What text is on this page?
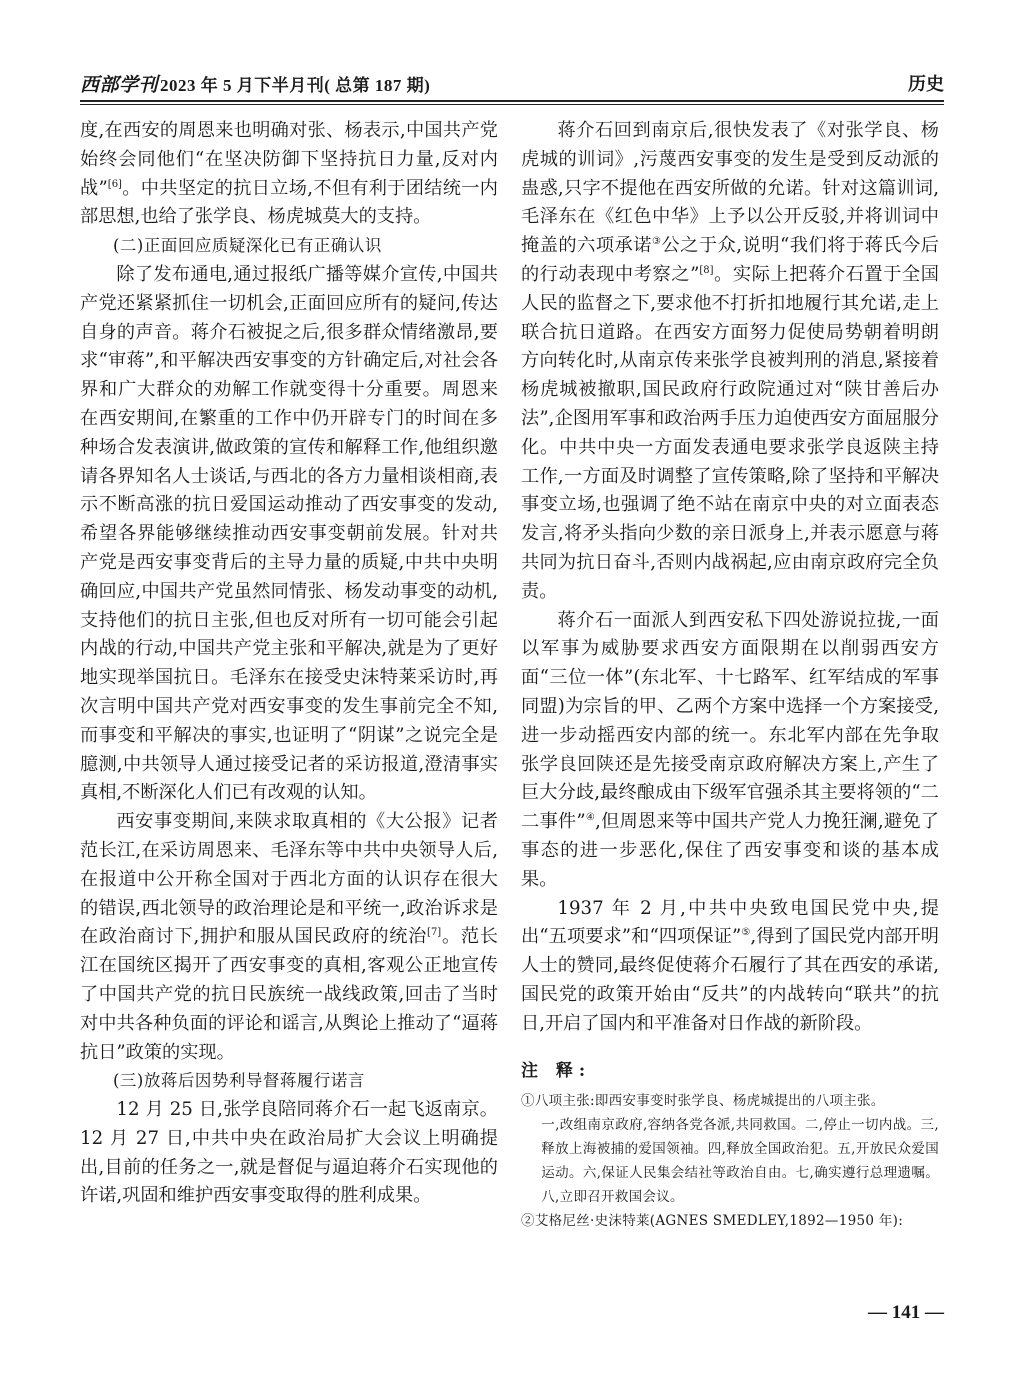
西部学刊 2023 年 5 月下半月刊( 总第 187 期)	历史

度,在西安的周恩来也明确对张、杨表示,中国共产党始终会同他们“在坚决防御下坚持抗日力量,反对内战”[6]。中共坚定的抗日立场,不但有利于团结统一内部思想,也给了张学良、杨虎城莫大的支持。

(二)正面回应质疑深化已有正确认识

除了发布通电,通过报纸广播等媒介宣传,中国共产党还紧紧抓住一切机会,正面回应所有的疑问,传达自身的声音。蒋介石被捉之后,很多群众情绪激昂,要求“审蒋”,和平解决西安事变的方针确定后,对社会各界和广大群众的劝解工作就变得十分重要。周恩来在西安期间,在繁重的工作中仍开辟专门的时间在多种场合发表演讲,做政策的宣传和解释工作,他组织邀请各界知名人士谈话,与西北的各方力量相谈相商,表示不断高涨的抗日爱国运动推动了西安事变的发动,希望各界能够继续推动西安事变朝前发展。针对共产党是西安事变背后的主导力量的质疑,中共中央明确回应,中国共产党虽然同情张、杨发动事变的动机,支持他们的抗日主张,但也反对所有一切可能会引起内战的行动,中国共产党主张和平解决,就是为了更好地实现举国抗日。毛泽东在接受史沫特莱采访时,再次言明中国共产党对西安事变的发生事前完全不知,而事变和平解决的事实,也证明了“阴谋”之说完全是臆测,中共领导人通过接受记者的采访报道,澄清事实真相,不断深化人们已有改观的认知。

西安事变期间,来陕求取真相的《大公报》记者范长江,在采访周恩来、毛泽东等中共中央领导人后,在报道中公开称全国对于西北方面的认识存在很大的错误,西北领导的政治理论是和平统一,政治诉求是在政治商讨下,拥护和服从国民政府的统治[7]。范长江在国统区揭开了西安事变的真相,客观公正地宣传了中国共产党的抗日民族统一战线政策,回击了当时对中共各种负面的评论和谣言,从舆论上推动了“逼蒋抗日”政策的实现。

(三)放蒋后因势利导督蒋履行诺言

12 月 25 日,张学良陪同蒋介石一起飞返南京。12 月 27 日,中共中央在政治局扩大会议上明确提出,目前的任务之一,就是督促与逼迫蒋介石实现他的许诺,巩固和维护西安事变取得的胜利成果。

蒋介石回到南京后,很快发表了《对张学良、杨虎城的训词》,污蔑西安事变的发生是受到反动派的蛊惑,只字不提他在西安所做的允诺。针对这篇训词,毛泽东在《红色中华》上予以公开反驳,并将训词中掩盖的六项承诺③公之于众,说明“我们将于蒋氏今后的行动表现中考察之”[8]。实际上把蒋介石置于全国人民的监督之下,要求他不打折扣地履行其允诺,走上联合抗日道路。在西安方面努力促使局势朝着明朗方向转化时,从南京传来张学良被判刑的消息,紧接着杨虎城被撤职,国民政府行政院通过对“陕甘善后办法”,企图用军事和政治两手压力迫使西安方面屈服分化。中共中央一方面发表通电要求张学良返陕主持工作,一方面及时调整了宣传策略,除了坚持和平解决事变立场,也强调了绝不站在南京中央的对立面表态发言,将矛头指向少数的亲日派身上,并表示愿意与蒋共同为抗日奋斗,否则内战祸起,应由南京政府完全负责。

蒋介石一面派人到西安私下四处游说拉拢,一面以军事为威胁要求西安方面限期在以削弱西安方面“三位一体”(东北军、十七路军、红军结成的军事同盟)为宗旨的甲、乙两个方案中选择一个方案接受,进一步动摇西安内部的统一。东北军内部在先争取张学良回陕还是先接受南京政府解决方案上,产生了巨大分歧,最终酿成由下级军官强杀其主要将领的“二二事件”④,但周恩来等中国共产党人力挽狂澜,避免了事态的进一步恶化,保住了西安事变和谈的基本成果。

1937 年 2 月,中共中央致电国民党中央,提出“五项要求”和“四项保证”⑤,得到了国民党内部开明人士的赞同,最终促使蒋介石履行了其在西安的承诺,国民党的政策开始由“反共”的内战转向“联共”的抗日,开启了国内和平准备对日作战的新阶段。

注 释:
①八项主张:即西安事变时张学良、杨虎城提出的八项主张。
一,改组南京政府,容纳各党各派,共同救国。二,停止一切内战。三,释放上海被捕的爱国领袖。四,释放全国政治犯。五,开放民众爱国运动。六,保证人民集会结社等政治自由。七,确实遵行总理遗嘱。八,立即召开救国会议。
②艾格尼丝·史沫特莱(AGNES SMEDLEY,1892—1950 年):
— 141 —
